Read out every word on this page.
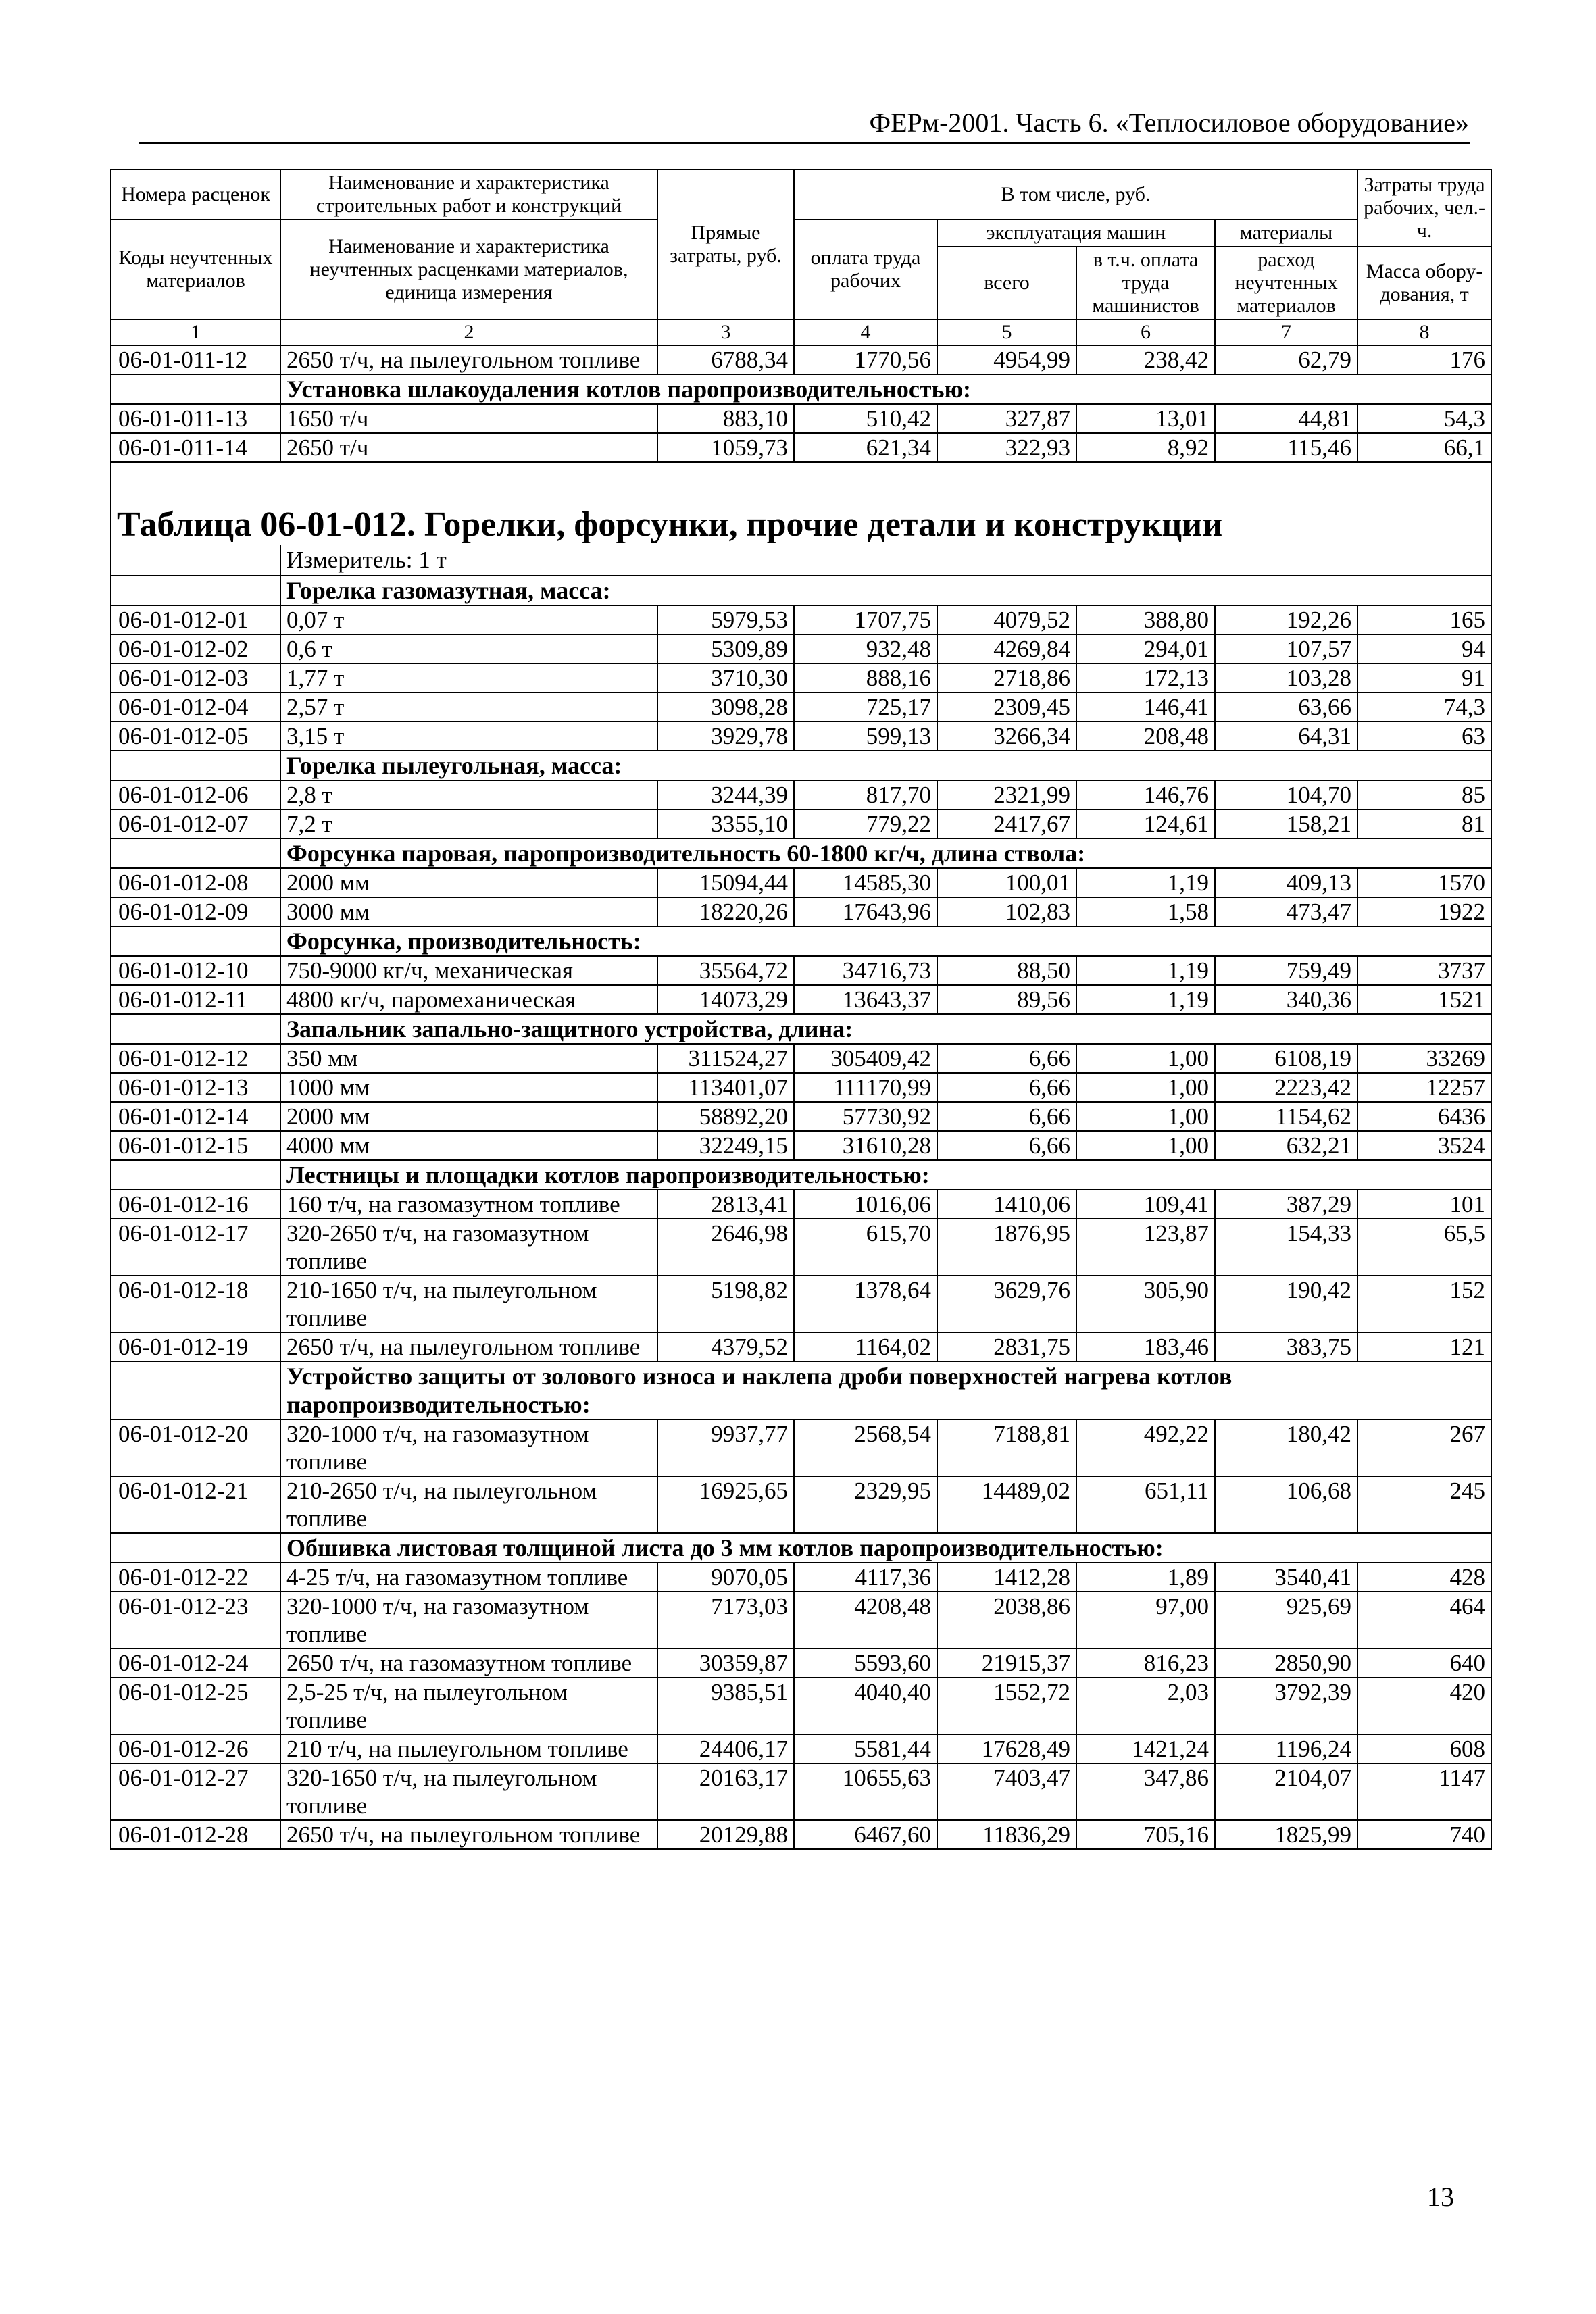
ФЕРм-2001. Часть 6. «Теплосиловое оборудование»
Номера расценок	Наименование и характеристика строительных работ и конструкций	Прямые затраты, руб.	В том числе, руб.				Затраты труда рабочих, чел.-ч.
Коды неучтенных материалов	Наименование и характеристика неучтенных расценками материалов, единица измерения		оплата труда рабочих	эксплуатация машин		материалы	
				всего	в т.ч. оплата труда машинистов	расход неучтенных материалов	
							Масса обору-дования, т
1	2	3	4	5	6	7	8
06-01-011-12	2650 т/ч, на пылеугольном топливе	6788,34	1770,56	4954,99	238,42	62,79	176
	Установка шлакоудаления котлов паропроизводительностью:						
06-01-011-13	1650 т/ч	883,10	510,42	327,87	13,01	44,81	54,3
06-01-011-14	2650 т/ч	1059,73	621,34	322,93	8,92	115,46	66,1

Таблица 06-01-012. Горелки, форсунки, прочие детали и конструкции							
	Измеритель: 1 т						
	Горелка газомазутная, масса:						
06-01-012-01	0,07 т	5979,53	1707,75	4079,52	388,80	192,26	165
06-01-012-02	0,6 т	5309,89	932,48	4269,84	294,01	107,57	94
06-01-012-03	1,77 т	3710,30	888,16	2718,86	172,13	103,28	91
06-01-012-04	2,57 т	3098,28	725,17	2309,45	146,41	63,66	74,3
06-01-012-05	3,15 т	3929,78	599,13	3266,34	208,48	64,31	63
	Горелка пылеугольная, масса:						
06-01-012-06	2,8 т	3244,39	817,70	2321,99	146,76	104,70	85
06-01-012-07	7,2 т	3355,10	779,22	2417,67	124,61	158,21	81
	Форсунка паровая, паропроизводительность 60-1800 кг/ч, длина ствола:						
06-01-012-08	2000 мм	15094,44	14585,30	100,01	1,19	409,13	1570
06-01-012-09	3000 мм	18220,26	17643,96	102,83	1,58	473,47	1922
	Форсунка, производительность:						
06-01-012-10	750-9000 кг/ч, механическая	35564,72	34716,73	88,50	1,19	759,49	3737
06-01-012-11	4800 кг/ч, паромеханическая	14073,29	13643,37	89,56	1,19	340,36	1521
	Запальник запально-защитного устройства, длина:						
06-01-012-12	350 мм	311524,27	305409,42	6,66	1,00	6108,19	33269
06-01-012-13	1000 мм	113401,07	111170,99	6,66	1,00	2223,42	12257
06-01-012-14	2000 мм	58892,20	57730,92	6,66	1,00	1154,62	6436
06-01-012-15	4000 мм	32249,15	31610,28	6,66	1,00	632,21	3524
	Лестницы и площадки котлов паропроизводительностью:						
06-01-012-16	160 т/ч, на газомазутном топливе	2813,41	1016,06	1410,06	109,41	387,29	101
06-01-012-17	320-2650 т/ч, на газомазутном топливе	2646,98	615,70	1876,95	123,87	154,33	65,5
06-01-012-18	210-1650 т/ч, на пылеугольном топливе	5198,82	1378,64	3629,76	305,90	190,42	152
06-01-012-19	2650 т/ч, на пылеугольном топливе	4379,52	1164,02	2831,75	183,46	383,75	121
	Устройство защиты от золового износа и наклепа дроби поверхностей нагрева котлов паропроизводительностью:						
06-01-012-20	320-1000 т/ч, на газомазутном топливе	9937,77	2568,54	7188,81	492,22	180,42	267
06-01-012-21	210-2650 т/ч, на пылеугольном топливе	16925,65	2329,95	14489,02	651,11	106,68	245
	Обшивка листовая толщиной листа до 3 мм котлов паропроизводительностью:						
06-01-012-22	4-25 т/ч, на газомазутном топливе	9070,05	4117,36	1412,28	1,89	3540,41	428
06-01-012-23	320-1000 т/ч, на газомазутном топливе	7173,03	4208,48	2038,86	97,00	925,69	464
06-01-012-24	2650 т/ч, на газомазутном топливе	30359,87	5593,60	21915,37	816,23	2850,90	640
06-01-012-25	2,5-25 т/ч, на пылеугольном топливе	9385,51	4040,40	1552,72	2,03	3792,39	420
06-01-012-26	210 т/ч, на пылеугольном топливе	24406,17	5581,44	17628,49	1421,24	1196,24	608
06-01-012-27	320-1650 т/ч, на пылеугольном топливе	20163,17	10655,63	7403,47	347,86	2104,07	1147
06-01-012-28	2650 т/ч, на пылеугольном топливе	20129,88	6467,60	11836,29	705,16	1825,99	740
13
